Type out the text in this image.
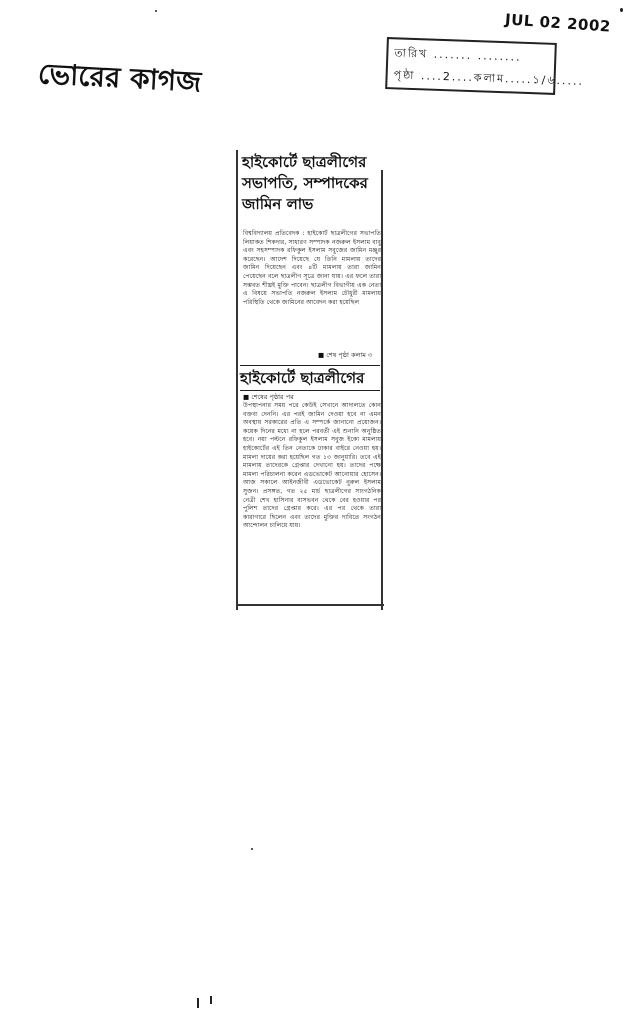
JUL 02 2002
ভোরের কাগজ
তারিখ ....... ........
পৃষ্ঠা ....2....কলাম.....১/৬.....
হাইকোর্টে ছাত্রলীগের সভাপতি, সম্পাদকের জামিন লাভ
বিশ্ববিদ্যালয় প্রতিবেদক : হাইকোর্ট ছাত্রলীগের সভাপতি লিয়াকত শিকদার, সাধারণ সম্পাদক নজরুল ইসলাম বাবু এবং সহসম্পাদক রফিকুল ইসলাম সবুজের জামিন মঞ্জুর করেছেন। আদেশ দিয়েছে যে তিনি মামলায় তাদের জামিন দিয়েছেন এবং ৪টি মামলায় তারা জামিন পেয়েছেন বলে ছাত্রলীগ সূত্রে জানা যায়। এর ফলে তারা সম্ভবত শীঘ্রই মুক্তি পাবেন। ছাত্রলীগ বিভাগীয় এক নেতা এ বিষয়ে সভাপতি নজরুল ইসলাম চৌধুরী মামলায় পরিস্থিতি থেকে জামিনের আবেদন করা হয়েছিল
■ শেষ পৃষ্ঠা কলাম ৩
হাইকোর্টে ছাত্রলীগের
■ শেষের পৃষ্ঠার পর
উপস্থাপনার সময় পরে কেউই সেখানে আদালতে কোন বক্তব্য দেননি। এর পরই জামিন দেওয়া হবে না এমন অবস্থায় সরকারের প্রতি এ সম্পর্কে জানানো প্রয়োজন। কয়েক দিনের মধ্যে না হলে পরবর্তী এই শুনানি অনুষ্ঠিত হবে। নয়া পল্টনে রফিকুল ইসলাম সবুজ ইকো মামলায় হাইকোর্টের এই তিন নেতাকে ঢাকার বাইরে নেওয়া হয়। মামলা দায়ের করা হয়েছিল গত ১৩ জানুয়ারি। তবে এই মামলায় তাদেরকে গ্রেপ্তার দেখানো হয়। তাদের পক্ষে মামলা পরিচালনা করেন এডভোকেট আনোয়ার হোসেন। আজ সকালে আইনজীবী এডভোকেট নুরুল ইসলাম সুজন। প্রসঙ্গত, গত ২৫ মার্চ ছাত্রলীগের সাংগঠনিক নেত্রী শেখ হাসিনার বাসভবন থেকে বের হওয়ার পর পুলিশ তাদের গ্রেপ্তার করে। এর পর থেকে তারা কারাগারে ছিলেন এবং তাদের মুক্তির দাবিতে সংগঠন আন্দোলন চালিয়ে যায়।
